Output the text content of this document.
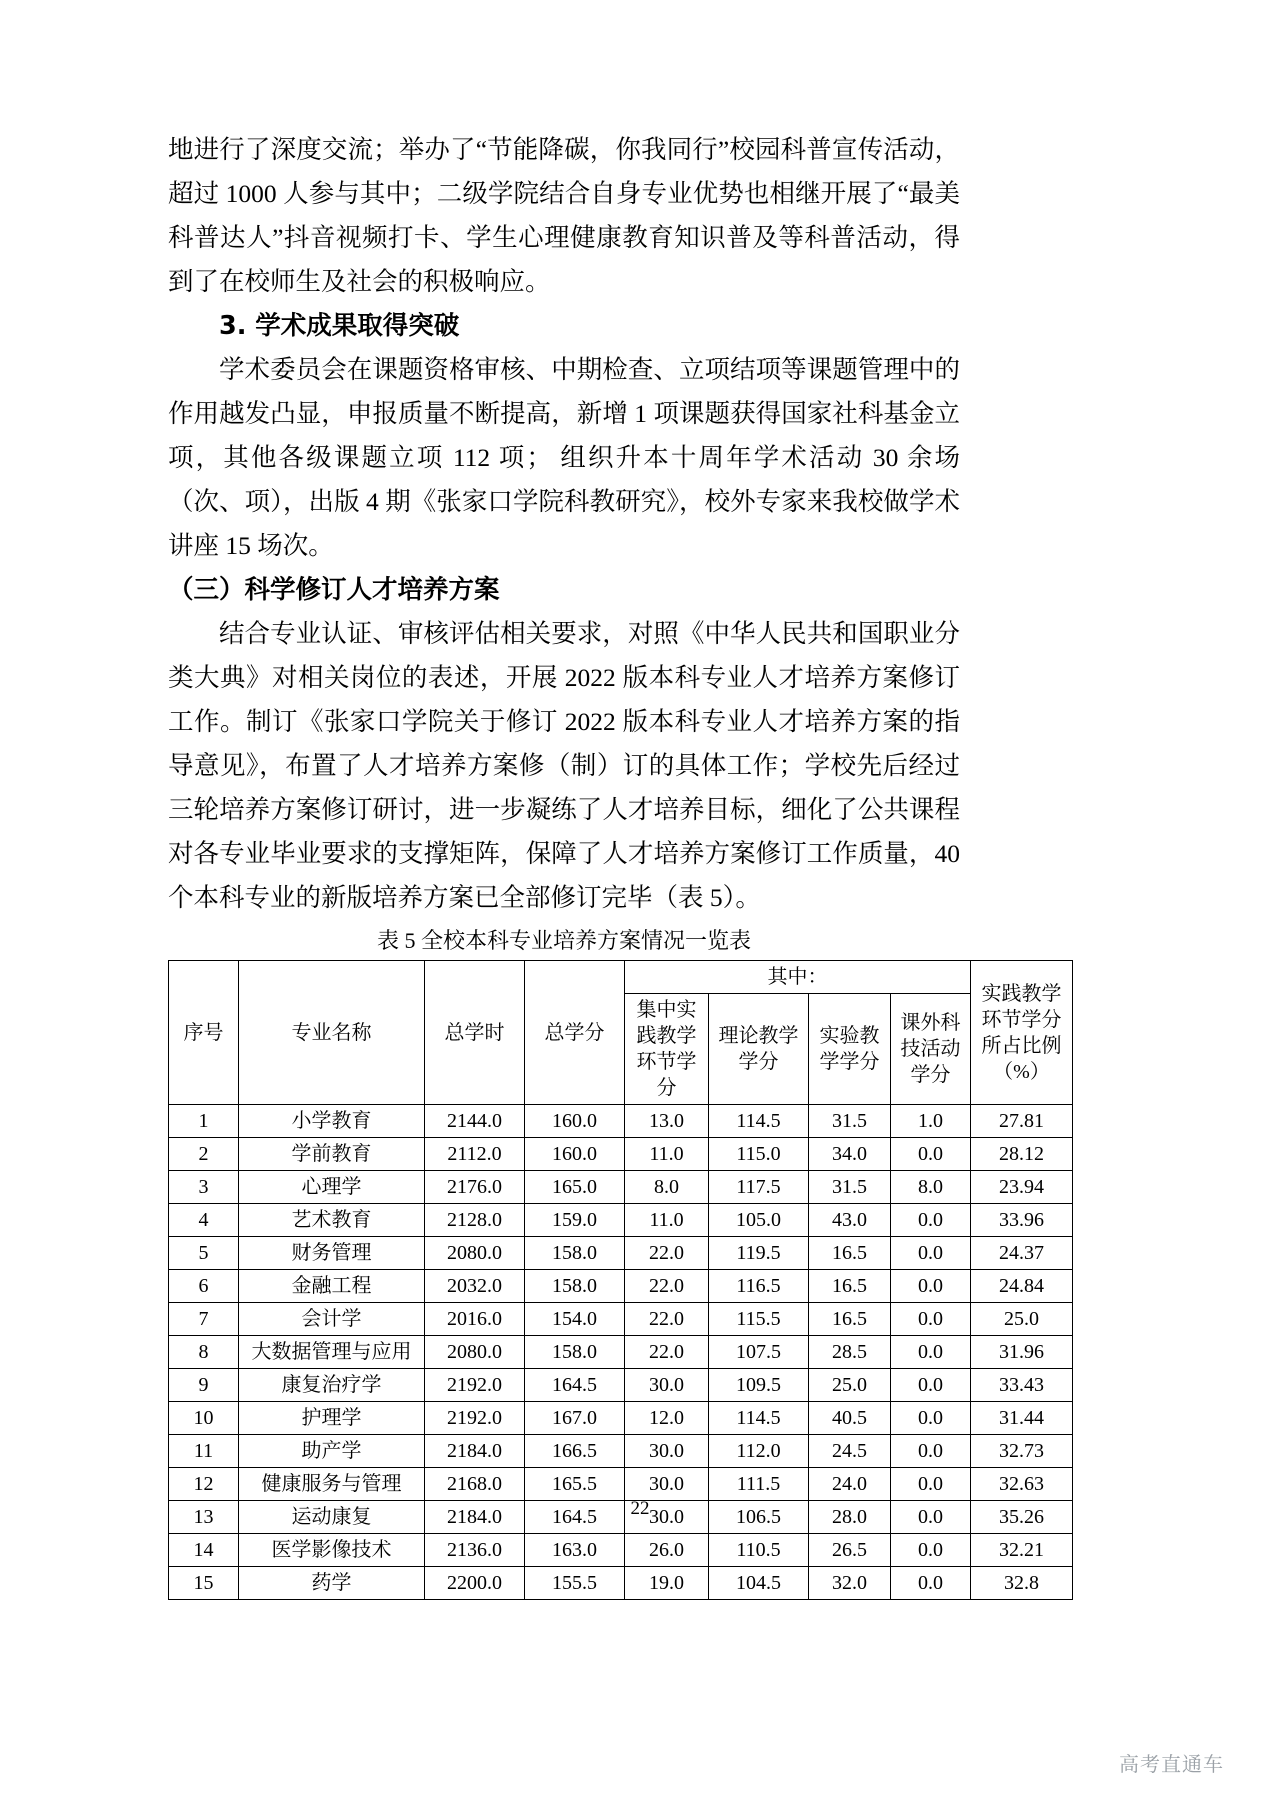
地进行了深度交流；举办了“节能降碳，你我同行”校园科普宣传活动，超过 1000 人参与其中；二级学院结合自身专业优势也相继开展了“最美科普达人”抖音视频打卡、学生心理健康教育知识普及等科普活动，得到了在校师生及社会的积极响应。

3. 学术成果取得突破

学术委员会在课题资格审核、中期检查、立项结项等课题管理中的作用越发凸显，申报质量不断提高，新增 1 项课题获得国家社科基金立项，其他各级课题立项 112 项； 组织升本十周年学术活动 30 余场（次、项），出版 4 期《张家口学院科教研究》，校外专家来我校做学术讲座 15 场次。

（三）科学修订人才培养方案

结合专业认证、审核评估相关要求，对照《中华人民共和国职业分类大典》对相关岗位的表述，开展 2022 版本科专业人才培养方案修订工作。制订《张家口学院关于修订 2022 版本科专业人才培养方案的指导意见》，布置了人才培养方案修（制）订的具体工作；学校先后经过三轮培养方案修订研讨，进一步凝练了人才培养目标，细化了公共课程对各专业毕业要求的支撑矩阵，保障了人才培养方案修订工作质量，40 个本科专业的新版培养方案已全部修订完毕（表 5）。

表 5 全校本科专业培养方案情况一览表
序号	专业名称	总学时	总学分	其中：				实践教学环节学分所占比例（%）
				集中实践教学环节学分	理论教学学分	实验教学学分	课外科技活动学分	
1	小学教育	2144.0	160.0	13.0	114.5	31.5	1.0	27.81
2	学前教育	2112.0	160.0	11.0	115.0	34.0	0.0	28.12
3	心理学	2176.0	165.0	8.0	117.5	31.5	8.0	23.94
4	艺术教育	2128.0	159.0	11.0	105.0	43.0	0.0	33.96
5	财务管理	2080.0	158.0	22.0	119.5	16.5	0.0	24.37
6	金融工程	2032.0	158.0	22.0	116.5	16.5	0.0	24.84
7	会计学	2016.0	154.0	22.0	115.5	16.5	0.0	25.0
8	大数据管理与应用	2080.0	158.0	22.0	107.5	28.5	0.0	31.96
9	康复治疗学	2192.0	164.5	30.0	109.5	25.0	0.0	33.43
10	护理学	2192.0	167.0	12.0	114.5	40.5	0.0	31.44
11	助产学	2184.0	166.5	30.0	112.0	24.5	0.0	32.73
12	健康服务与管理	2168.0	165.5	30.0	111.5	24.0	0.0	32.63
13	运动康复	2184.0	164.5	30.0	106.5	28.0	0.0	35.26
14	医学影像技术	2136.0	163.0	26.0	110.5	26.5	0.0	32.21
15	药学	2200.0	155.5	19.0	104.5	32.0	0.0	32.8
22
高考直通车
